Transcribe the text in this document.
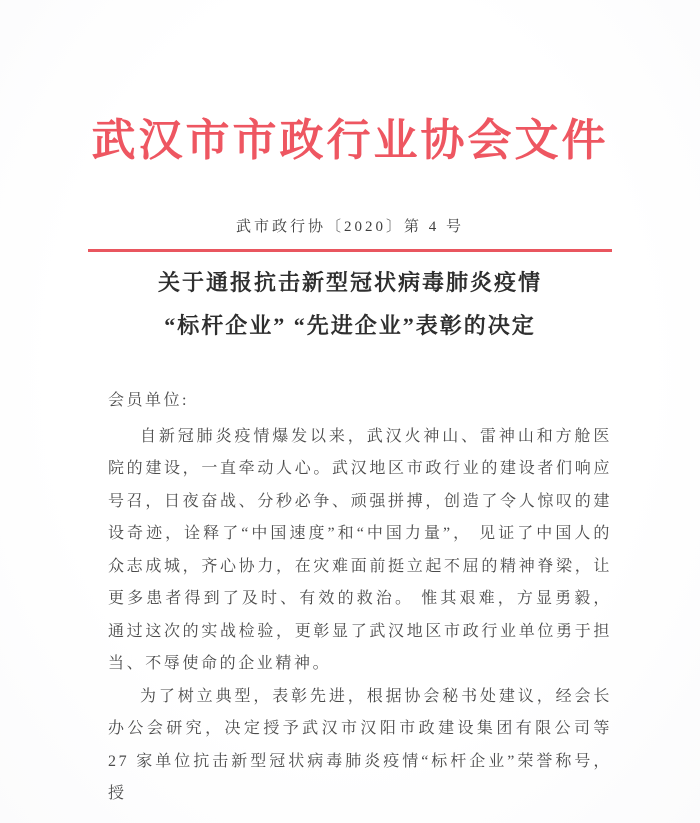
武汉市市政行业协会文件
武市政行协〔2020〕第 4 号
关于通报抗击新型冠状病毒肺炎疫情
“标杆企业” “先进企业”表彰的决定
会员单位:

自新冠肺炎疫情爆发以来，武汉火神山、雷神山和方舱医院的建设，一直牵动人心。武汉地区市政行业的建设者们响应号召，日夜奋战、分秒必争、顽强拼搏，创造了令人惊叹的建设奇迹，诠释了“中国速度”和“中国力量”， 见证了中国人的众志成城，齐心协力，在灾难面前挺立起不屈的精神脊梁，让更多患者得到了及时、有效的救治。 惟其艰难，方显勇毅，通过这次的实战检验，更彰显了武汉地区市政行业单位勇于担当、不辱使命的企业精神。

为了树立典型，表彰先进，根据协会秘书处建议，经会长办公会研究，决定授予武汉市汉阳市政建设集团有限公司等 27 家单位抗击新型冠状病毒肺炎疫情“标杆企业”荣誉称号，授
